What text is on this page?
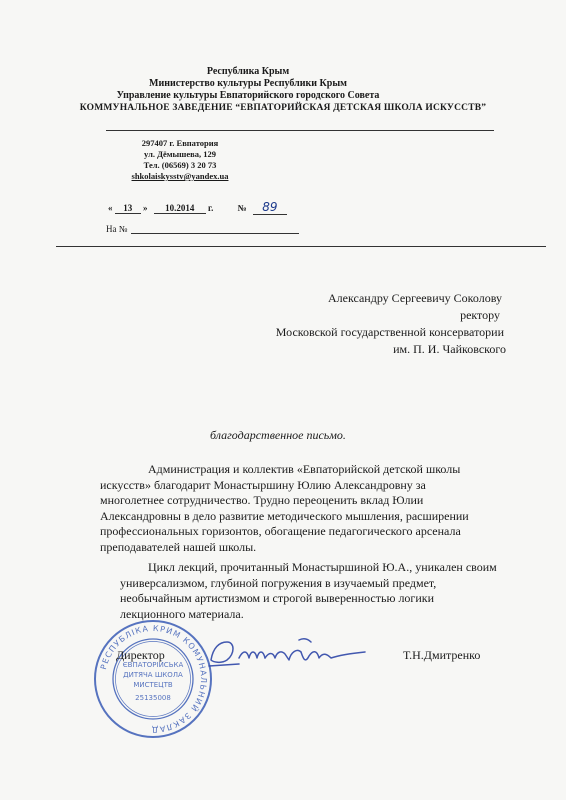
Республика Крым
Министерство культуры Республики Крым
Управление культуры Евпаторийского городского Совета
КОММУНАЛЬНОЕ ЗАВЕДЕНИЕ “ЕВПАТОРИЙСКАЯ ДЕТСКАЯ ШКОЛА ИСКУССТВ”
297407 г. Евпатория
ул. Дёмышева, 129
Тел. (06569) 3 20 73
shkolaiskysstv@yandex.ua
« 13 » 10.2014 г.	№ 89
На №
Александру Сергеевичу Соколову
ректору
Московской государственной консерватории
им. П. И. Чайковского
благодарственное письмо.
Администрация и коллектив «Евпаторийской детской школы
искусств» благодарит Монастыршину Юлию Александровну за
многолетнее сотрудничество. Трудно переоценить вклад Юлии
Александровны в дело развитие методического мышления, расширении
профессиональных горизонтов, обогащение педагогического арсенала
преподавателей нашей школы.
Цикл лекций, прочитанный Монастыршиной Ю.А., уникален своим
универсализмом, глубиной погружения в изучаемый предмет,
необычайным артистизмом и строгой выверенностью логики
лекционного материала.
РЕСПУБЛІКА КРИМ КОМУНАЛЬНИЙ ЗАКЛАД
ЄВПАТОРІЙСЬКА
ДИТЯЧА ШКОЛА
МИСТЕЦТВ
25135008
Директор	Т.Н.Дмитренко
